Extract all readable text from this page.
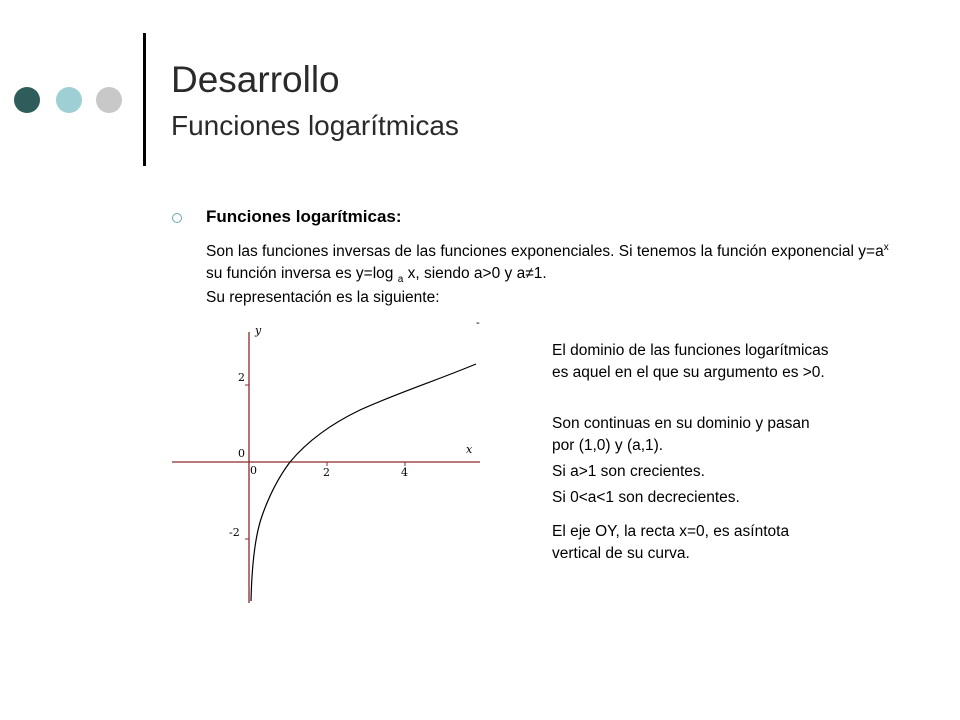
Desarrollo
Funciones logarítmicas
Funciones logarítmicas:
Son las funciones inversas de las funciones exponenciales. Si tenemos la función exponencial $y=a^x$ su función inversa es y=log $_a$ x, siendo a>0 y a≠1.
Su representación es la siguiente:
y
x
-
2
0
-2
0	2	4
El dominio de las funciones logarítmicas es aquel en el que su argumento es >0.
Son continuas en su dominio y pasan por (1,0) y (a,1).
Si a>1 son crecientes.
Si 0<a<1 son decrecientes.
El eje OY, la recta x=0, es asíntota vertical de su curva.
